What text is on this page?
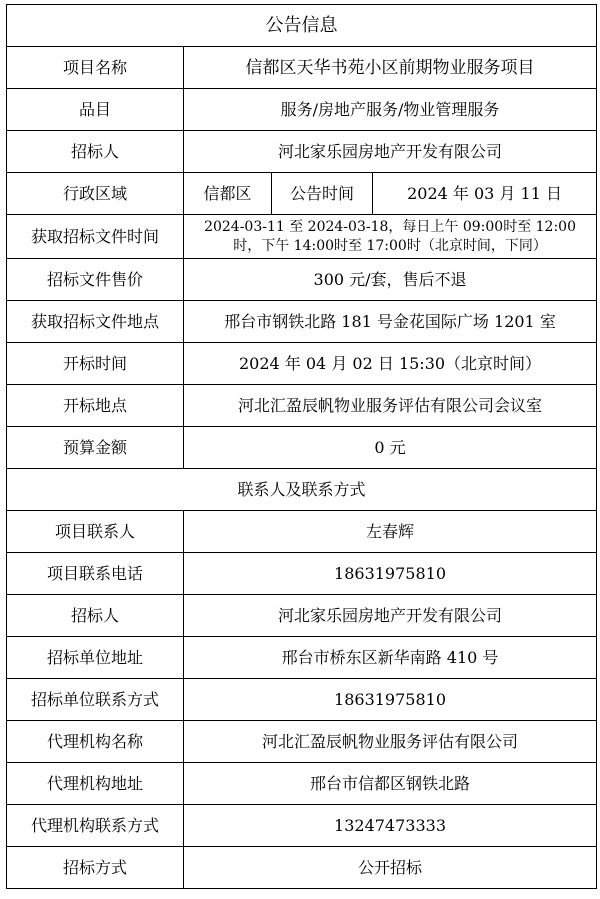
公告信息			
项目名称	信都区天华书苑小区前期物业服务项目		
品目	服务/房地产服务/物业管理服务		
招标人	河北家乐园房地产开发有限公司		
行政区域	信都区	公告时间	2024 年 03 月 11 日
获取招标文件时间	2024-03-11 至 2024-03-18，每日上午 09:00时至 12:00 时，下午 14:00时至 17:00时（北京时间，下同）		
招标文件售价	300 元/套，售后不退		
获取招标文件地点	邢台市钢铁北路 181 号金花国际广场 1201 室		
开标时间	2024 年 04 月 02 日 15:30（北京时间）		
开标地点	河北汇盈辰帆物业服务评估有限公司会议室		
预算金额	0 元		
联系人及联系方式			
项目联系人	左春辉		
项目联系电话	18631975810		
招标人	河北家乐园房地产开发有限公司		
招标单位地址	邢台市桥东区新华南路 410 号		
招标单位联系方式	18631975810		
代理机构名称	河北汇盈辰帆物业服务评估有限公司		
代理机构地址	邢台市信都区钢铁北路		
代理机构联系方式	13247473333		
招标方式	公开招标		
